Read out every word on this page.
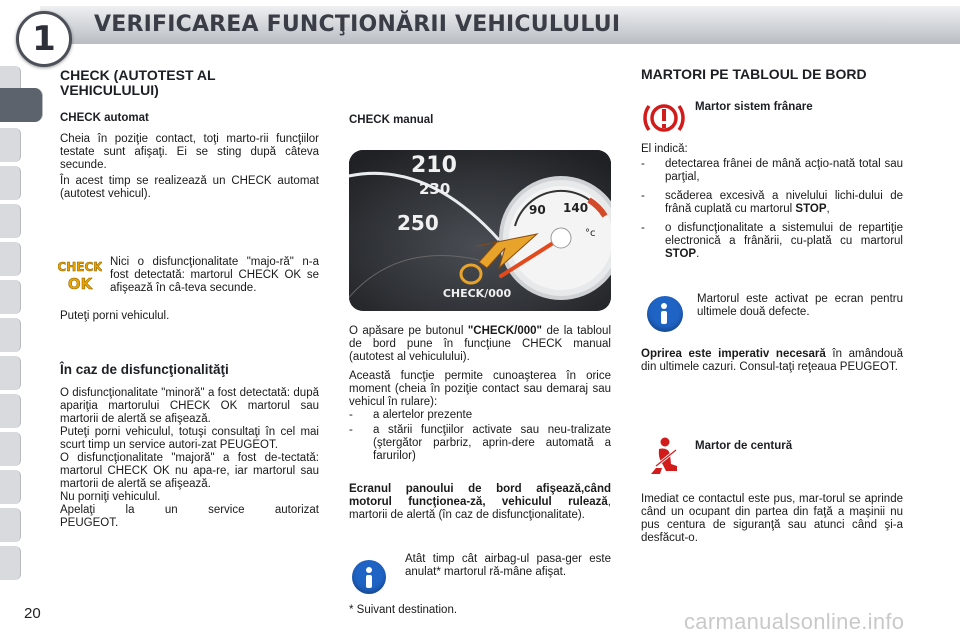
1	VERIFICAREA FUNCŢIONĂRII VEHICULULUI
CHECK (AUTOTEST AL VEHICULULUI)
CHECK automat
Cheia în poziţie contact, toţi marto-rii funcţiilor testate sunt afişaţi. Ei se sting după câteva secunde.
În acest timp se realizează un CHECK automat (autotest vehicul).
CHECK
OK
Nici o disfuncţionalitate "majo-ră" n-a fost detectată: martorul CHECK OK se afişează în câ-teva secunde.
Puteţi porni vehiculul.
În caz de disfuncţionalităţi
O disfuncţionalitate "minoră" a fost detectată: după apariţia martorului CHECK OK martorul sau martorii de alertă se afişează.
Puteţi porni vehiculul, totuşi consultaţi în cel mai scurt timp un service autori-zat PEUGEOT.
O disfuncţionalitate "majoră" a fost de-tectată: martorul CHECK OK nu apa-re, iar martorul sau martorii de alertă se afişează.
Nu porniţi vehiculul.
Apelaţi la un service autorizat PEUGEOT.
CHECK manual
210
230
250
90 140
°c
CHECK/000
O apăsare pe butonul "CHECK/000" de la tabloul de bord pune în funcţiune CHECK manual (autotest al vehiculului).
Această funcţie permite cunoaşterea în orice moment (cheia în poziţie contact sau demaraj sau vehicul în rulare):
-	a alertelor prezente
-	a stării funcţiilor activate sau neu-tralizate (ştergător parbriz, aprin-dere automată a farurilor)
Ecranul panoului de bord afişează,când motorul funcţionea-ză, vehiculul rulează, martorii de alertă (în caz de disfuncţionalitate).
Atât timp cât airbag-ul pasa-ger este anulat* martorul ră-mâne afişat.
* Suivant destination.
MARTORI PE TABLOUL DE BORD
Martor sistem frânare
El indică:
-	detectarea frânei de mână acţio-nată total sau parţial,
-	scăderea excesivă a nivelului lichi-dului de frână cuplată cu martorul STOP,
-	o disfuncţionalitate a sistemului de repartiţie electronică a frânării, cu-plată cu martorul STOP.
Martorul este activat pe ecran pentru ultimele două defecte.
Oprirea este imperativ necesară în amândouă din ultimele cazuri. Consul-taţi reţeaua PEUGEOT.
Martor de centură
Imediat ce contactul este pus, mar-torul se aprinde când un ocupant din partea din faţă a maşinii nu pus centura de siguranţă sau atunci când şi-a desfăcut-o.
20	carmanualsonline.info
